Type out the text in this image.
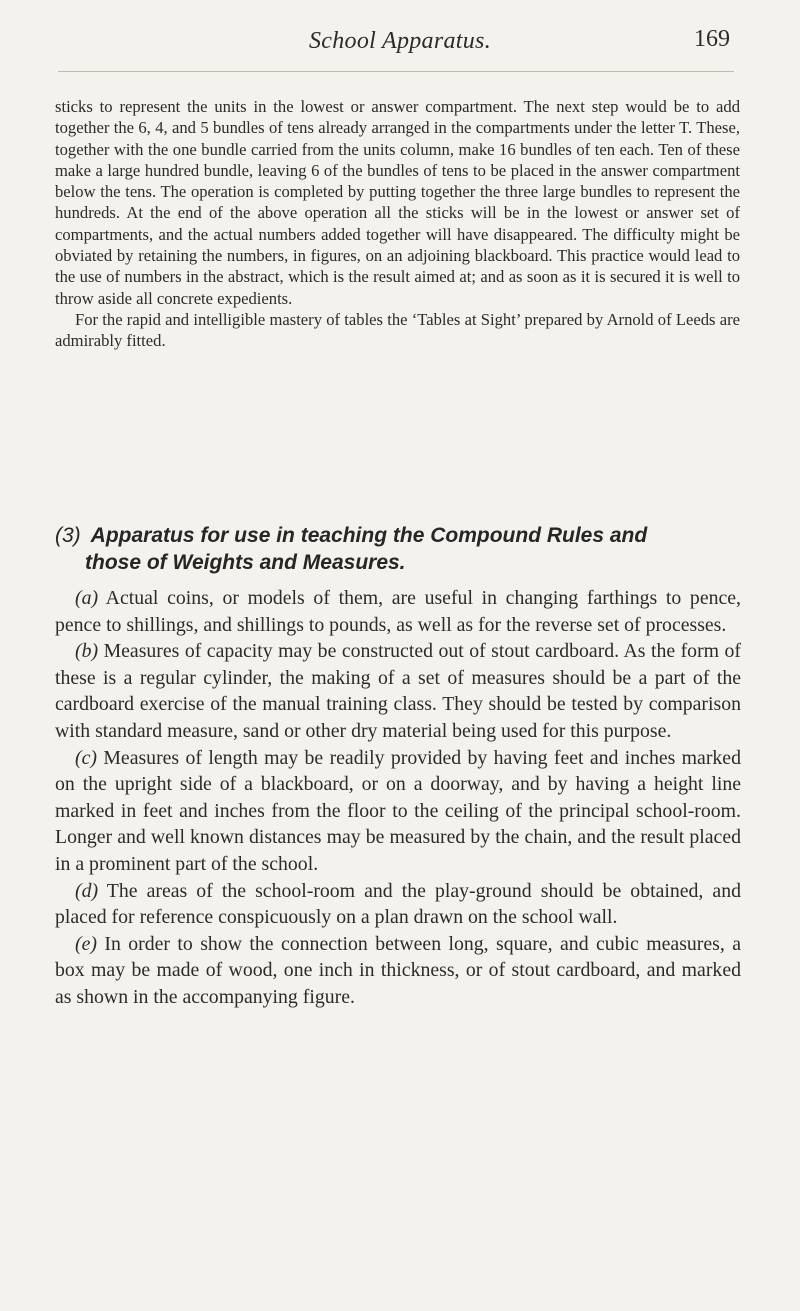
School Apparatus.	169

sticks to represent the units in the lowest or answer compartment. The next step would be to add together the 6, 4, and 5 bundles of tens already arranged in the compartments under the letter T. These, together with the one bundle carried from the units column, make 16 bundles of ten each. Ten of these make a large hundred bundle, leaving 6 of the bundles of tens to be placed in the answer compartment below the tens. The operation is completed by putting together the three large bundles to represent the hundreds. At the end of the above operation all the sticks will be in the lowest or answer set of compartments, and the actual numbers added together will have disappeared. The difficulty might be obviated by retaining the numbers, in figures, on an adjoining blackboard. This practice would lead to the use of numbers in the abstract, which is the result aimed at; and as soon as it is secured it is well to throw aside all concrete expedients.

For the rapid and intelligible mastery of tables the ‘Tables at Sight’ prepared by Arnold of Leeds are admirably fitted.

(3) Apparatus for use in teaching the Compound Rules and
those of Weights and Measures.

(a) Actual coins, or models of them, are useful in changing farthings to pence, pence to shillings, and shillings to pounds, as well as for the reverse set of processes.

(b) Measures of capacity may be constructed out of stout cardboard. As the form of these is a regular cylinder, the making of a set of measures should be a part of the cardboard exercise of the manual training class. They should be tested by comparison with standard measure, sand or other dry material being used for this purpose.

(c) Measures of length may be readily provided by having feet and inches marked on the upright side of a blackboard, or on a doorway, and by having a height line marked in feet and inches from the floor to the ceiling of the principal school-room. Longer and well known distances may be measured by the chain, and the result placed in a prominent part of the school.

(d) The areas of the school-room and the play-ground should be obtained, and placed for reference conspicuously on a plan drawn on the school wall.

(e) In order to show the connection between long, square, and cubic measures, a box may be made of wood, one inch in thickness, or of stout cardboard, and marked as shown in the accompanying figure.
